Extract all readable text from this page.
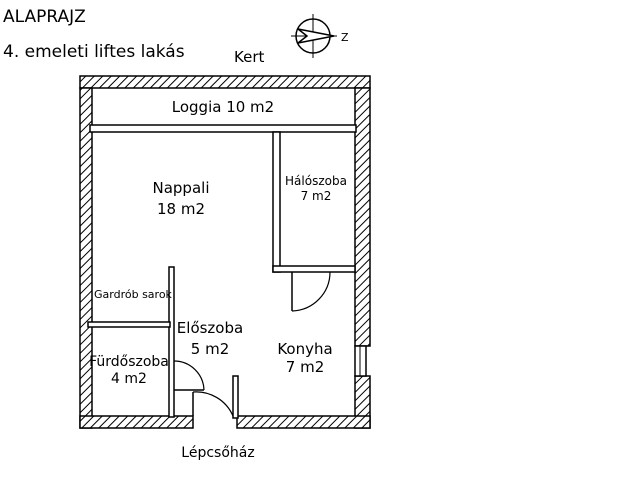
ALAPRAJZ
4. emeleti liftes lakás
Z
Kert
Loggia 10 m2
Nappali
18 m2
Hálószoba
7 m2
Gardrób sarok
Előszoba
5 m2	Konyha
7 m2
Fürdőszoba
4 m2
Lépcsőház
